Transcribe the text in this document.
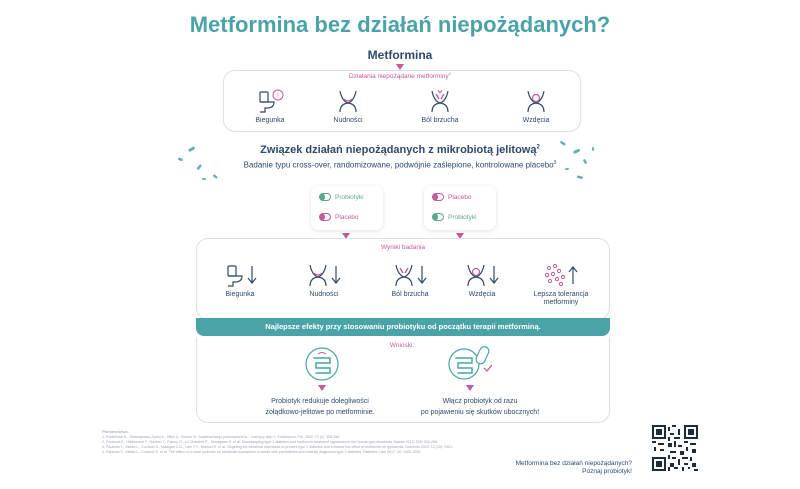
Metformina bez działań niepożądanych?
Metformina
Działania niepożądane metforminy$^1$
!
Biegunka	Nudności	Ból brzucha	Wzdęcia
Związek działań niepożądanych z mikrobiotą jelitową$^2$
Badanie typu cross-over, randomizowane, podwójnie zaślepione, kontrolowane placebo$^3$
Probiotyki
Placebo
Placebo
Probiotyki
Wyniki badania
Biegunka	Nudności	Ból brzucha	Wzdęcia	Lepsza tolerancja metforminy
Najlepsze efekty przy stosowaniu probiotyku od początku terapii metforminą.
Wnioski:
Probiotyk redukuje dolegliwości
żołądkowo-jelitowe po metforminie.
Włącz probiotyk od razu
po pojawieniu się skutków ubocznych!
Piśmiennictwo:
1. Rudzińska K., Okruszyńska-Zyśko A., Hilke A., Klemm M. Suplementacja probiotykami w... cukrzycy typu 2. Endokrynol. Pol. 2022; 73 (2): 355-366.
2. Forslund K., Hildebrand F., Nielsen T., Falony G., Le Chatelier E., Sunagawa S. et al. Disentangling type 2 diabetes and metformin treatment signatures in the human gut microbiota. Nature 2015; 528: 262-266.
3. Palacios T., Vitetta L., Coulson S., Madigan C.D., Lam Y.Y., Manuel R. et al. Targeting the intestinal microbiota to prevent type 2 diabetes and enhance the effect of metformin on glycaemia. Nutrients 2020; 12 (10): 2901.
4. Palacios T., Vitetta L., Coulson S. et al. The effect of a novel probiotic on metabolic biomarkers in adults with prediabetes and recently diagnosed type 2 diabetes. Diabetes Care 2017; 40: 1000-1008.
Metformina bez działań niepożądanych?
Poznaj probiotyk!
